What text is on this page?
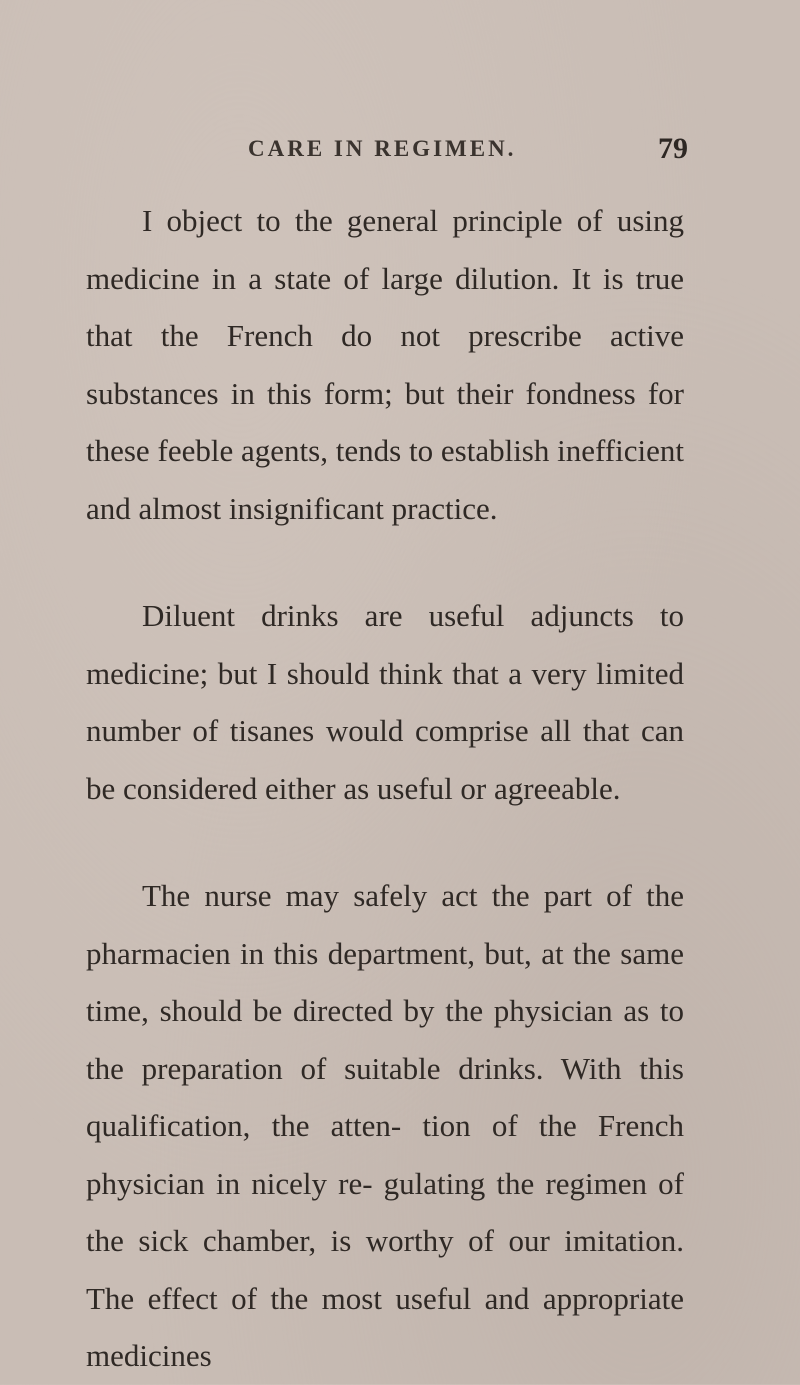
CARE IN REGIMEN.	79

I object to the general principle of using medicine in a state of large dilution. It is true that the French do not prescribe active substances in this form; but their fondness for these feeble agents, tends to establish inefficient and almost insignificant practice.

Diluent drinks are useful adjuncts to medicine; but I should think that a very limited number of tisanes would comprise all that can be considered either as useful or agreeable.

The nurse may safely act the part of the pharmacien in this department, but, at the same time, should be directed by the physician as to the preparation of suitable drinks. With this qualification, the atten- tion of the French physician in nicely re- gulating the regimen of the sick chamber, is worthy of our imitation. The effect of the most useful and appropriate medicines
